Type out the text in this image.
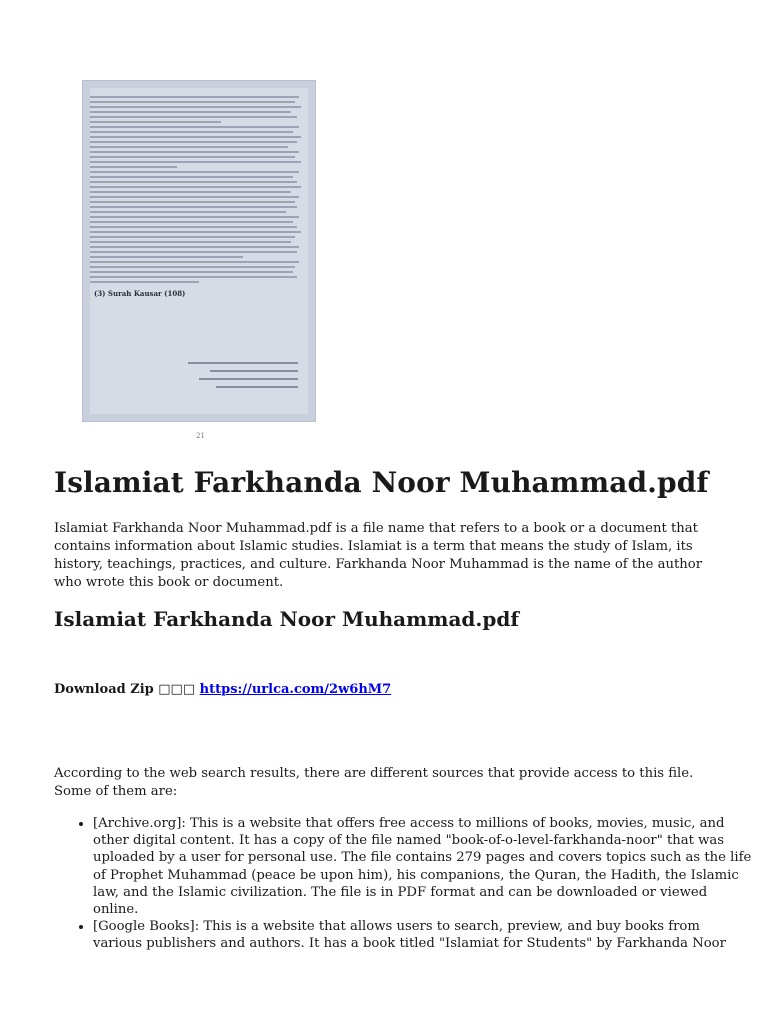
(3) Surah Kausar (108)
21
Islamiat Farkhanda Noor Muhammad.pdf

Islamiat Farkhanda Noor Muhammad.pdf is a file name that refers to a book or a document that contains information about Islamic studies. Islamiat is a term that means the study of Islam, its history, teachings, practices, and culture. Farkhanda Noor Muhammad is the name of the author who wrote this book or document.

Islamiat Farkhanda Noor Muhammad.pdf

Download Zip □□□ https://urlca.com/2w6hM7

According to the web search results, there are different sources that provide access to this file. Some of them are:

• [Archive.org]: This is a website that offers free access to millions of books, movies, music, and other digital content. It has a copy of the file named "book-of-o-level-farkhanda-noor" that was uploaded by a user for personal use. The file contains 279 pages and covers topics such as the life of Prophet Muhammad (peace be upon him), his companions, the Quran, the Hadith, the Islamic law, and the Islamic civilization. The file is in PDF format and can be downloaded or viewed online.
• [Google Books]: This is a website that allows users to search, preview, and buy books from various publishers and authors. It has a book titled "Islamiat for Students" by Farkhanda Noor
